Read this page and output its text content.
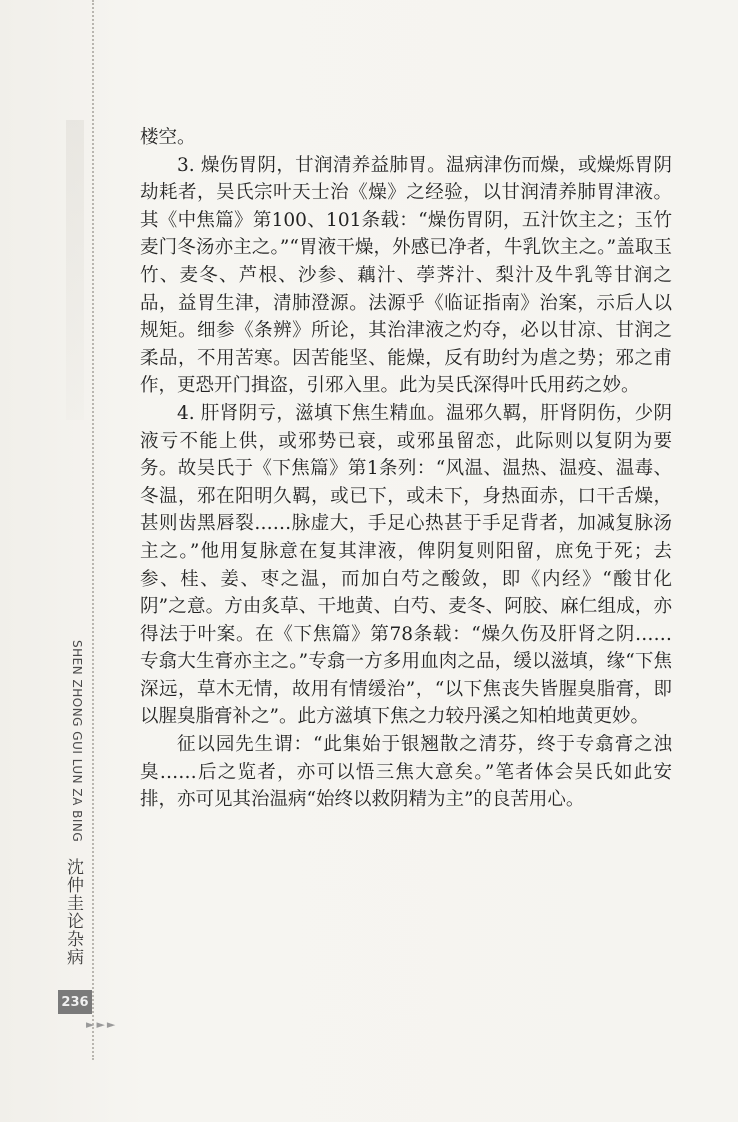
SHEN ZHONG GUI LUN ZA BING
沈仲圭论杂病
236
►►►

楼空。

3. 燥伤胃阴，甘润清养益肺胃。温病津伤而燥，或燥烁胃阴劫耗者，吴氏宗叶天士治《燥》之经验，以甘润清养肺胃津液。其《中焦篇》第100、101条载：“燥伤胃阴，五汁饮主之；玉竹麦门冬汤亦主之。”“胃液干燥，外感已净者，牛乳饮主之。”盖取玉竹、麦冬、芦根、沙参、藕汁、荸荠汁、梨汁及牛乳等甘润之品，益胃生津，清肺澄源。法源乎《临证指南》治案，示后人以规矩。细参《条辨》所论，其治津液之灼夺，必以甘凉、甘润之柔品，不用苦寒。因苦能坚、能燥，反有助纣为虐之势；邪之甫作，更恐开门揖盗，引邪入里。此为吴氏深得叶氏用药之妙。

4. 肝肾阴亏，滋填下焦生精血。温邪久羁，肝肾阴伤，少阴液亏不能上供，或邪势已衰，或邪虽留恋，此际则以复阴为要务。故吴氏于《下焦篇》第1条列：“风温、温热、温疫、温毒、冬温，邪在阳明久羁，或已下，或未下，身热面赤，口干舌燥，甚则齿黑唇裂……脉虚大，手足心热甚于手足背者，加减复脉汤主之。”他用复脉意在复其津液，俾阴复则阳留，庶免于死；去参、桂、姜、枣之温，而加白芍之酸敛，即《内经》“酸甘化阴”之意。方由炙草、干地黄、白芍、麦冬、阿胶、麻仁组成，亦得法于叶案。在《下焦篇》第78条载：“燥久伤及肝肾之阴……专翕大生膏亦主之。”专翕一方多用血肉之品，缓以滋填，缘“下焦深远，草木无情，故用有情缓治”，“以下焦丧失皆腥臭脂膏，即以腥臭脂膏补之”。此方滋填下焦之力较丹溪之知柏地黄更妙。

征以园先生谓：“此集始于银翘散之清芬，终于专翕膏之浊臭……后之览者，亦可以悟三焦大意矣。”笔者体会吴氏如此安排，亦可见其治温病“始终以救阴精为主”的良苦用心。
